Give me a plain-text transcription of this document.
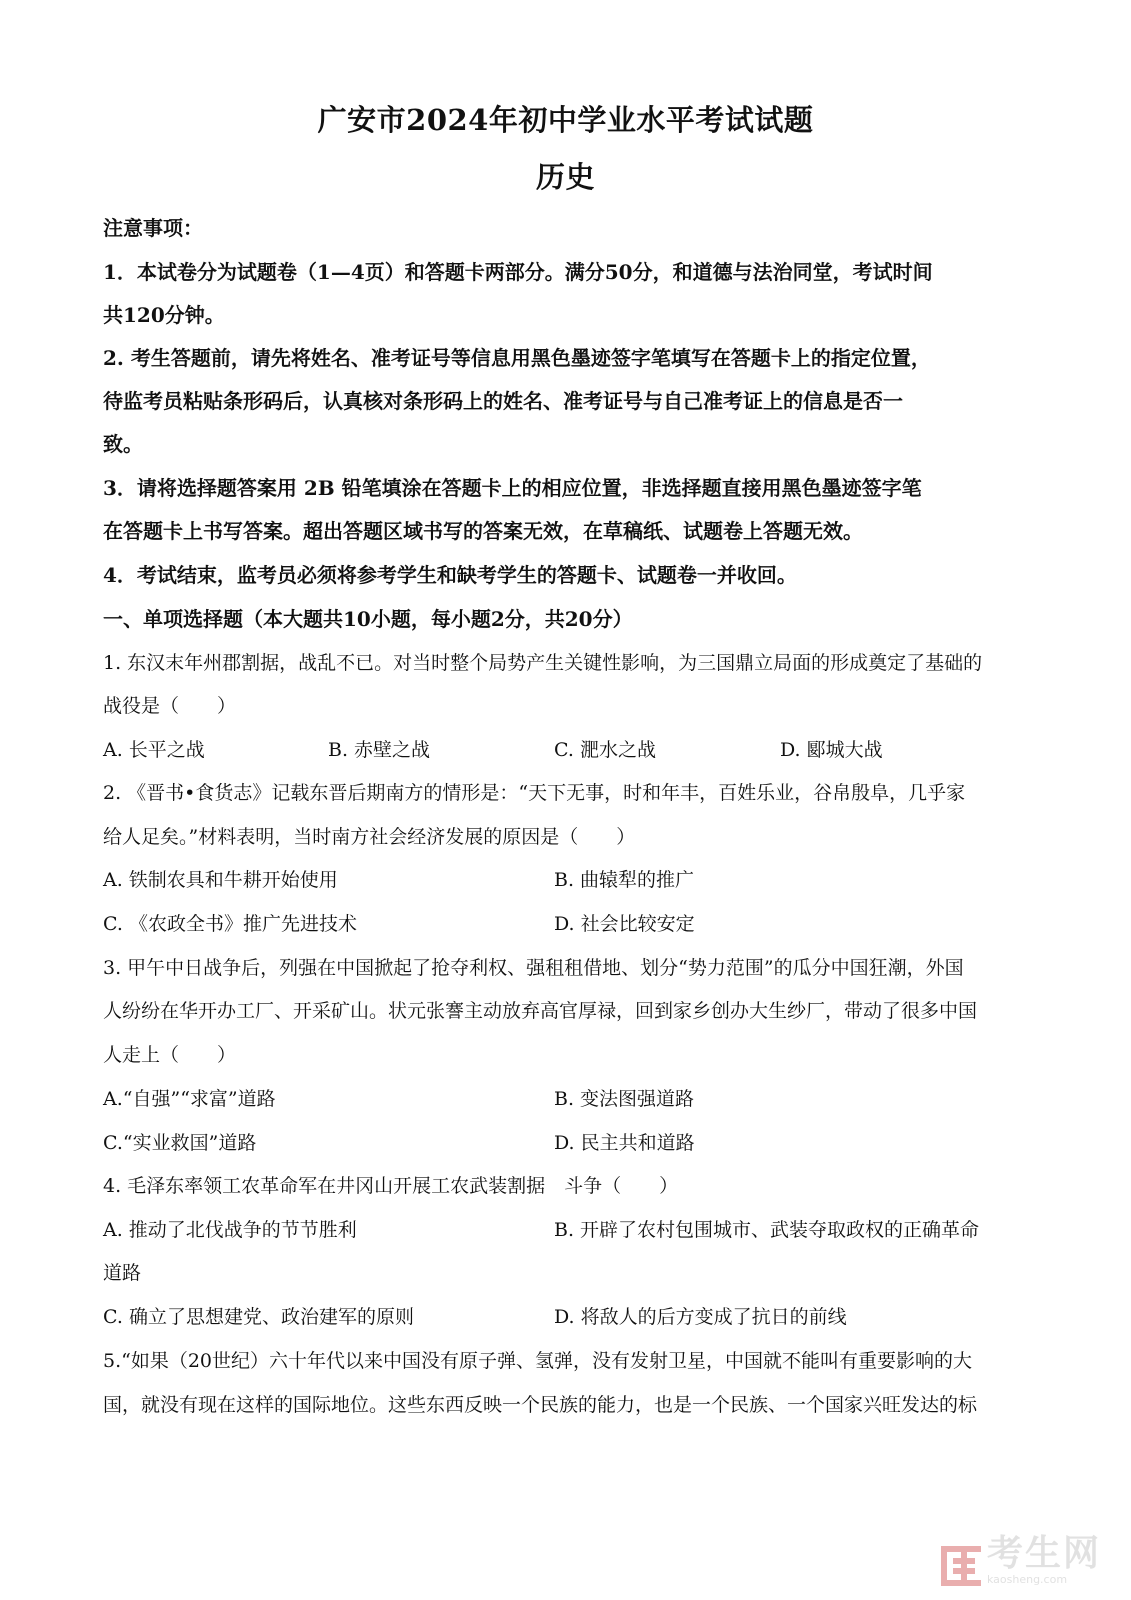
广安市2024年初中学业水平考试试题
历史
注意事项：
1．本试卷分为试题卷（1—4页）和答题卡两部分。满分50分，和道德与法治同堂，考试时间
共120分钟。
2. 考生答题前，请先将姓名、准考证号等信息用黑色墨迹签字笔填写在答题卡上的指定位置，
待监考员粘贴条形码后，认真核对条形码上的姓名、准考证号与自己准考证上的信息是否一
致。
3．请将选择题答案用 2B 铅笔填涂在答题卡上的相应位置，非选择题直接用黑色墨迹签字笔
在答题卡上书写答案。超出答题区域书写的答案无效，在草稿纸、试题卷上答题无效。
4．考试结束，监考员必须将参考学生和缺考学生的答题卡、试题卷一并收回。
一、单项选择题（本大题共10小题，每小题2分，共20分）
1. 东汉末年州郡割据，战乱不已。对当时整个局势产生关键性影响，为三国鼎立局面的形成奠定了基础的
战役是（　　）
A. 长平之战	B. 赤壁之战	C. 淝水之战	D. 郾城大战
2. 《晋书•食货志》记载东晋后期南方的情形是：“天下无事，时和年丰，百姓乐业，谷帛殷阜，几乎家
给人足矣。”材料表明，当时南方社会经济发展的原因是（　　）
A. 铁制农具和牛耕开始使用	B. 曲辕犁的推广
C. 《农政全书》推广先进技术	D. 社会比较安定
3. 甲午中日战争后，列强在中国掀起了抢夺利权、强租租借地、划分“势力范围”的瓜分中国狂潮，外国
人纷纷在华开办工厂、开采矿山。状元张謇主动放弃高官厚禄，回到家乡创办大生纱厂，带动了很多中国
人走上（　　）
A.“自强”“求富”道路	B. 变法图强道路
C.“实业救国”道路	D. 民主共和道路
4. 毛泽东率领工农革命军在井冈山开展工农武装割据　斗争（　　）
A. 推动了北伐战争的节节胜利	B. 开辟了农村包围城市、武装夺取政权的正确革命
道路
C. 确立了思想建党、政治建军的原则	D. 将敌人的后方变成了抗日的前线
5.“如果（20世纪）六十年代以来中国没有原子弹、氢弹，没有发射卫星，中国就不能叫有重要影响的大
国，就没有现在这样的国际地位。这些东西反映一个民族的能力，也是一个民族、一个国家兴旺发达的标
考生网
kaosheng.com
